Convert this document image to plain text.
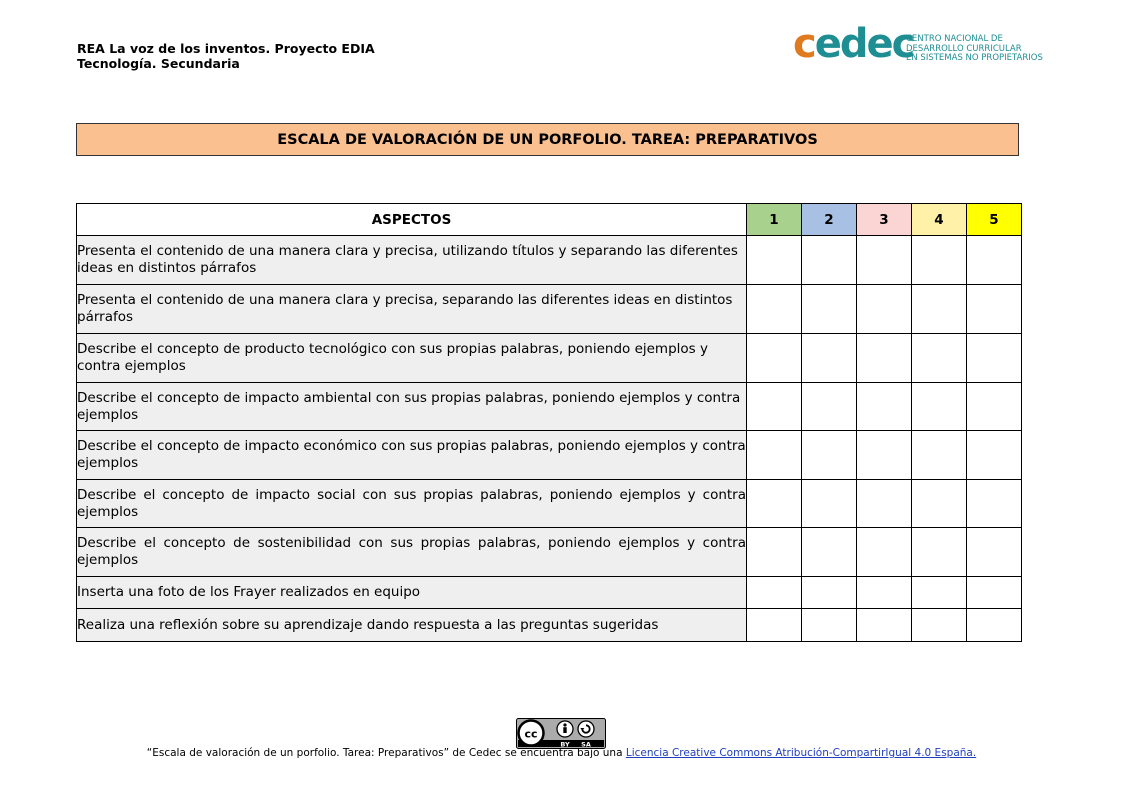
REA La voz de los inventos. Proyecto EDIA
Tecnología. Secundaria	cedec
CENTRO NACIONAL DE
DESARROLLO CURRICULAR
EN SISTEMAS NO PROPIETARIOS
ESCALA DE VALORACIÓN DE UN PORFOLIO. TAREA: PREPARATIVOS
ASPECTOS	1	2	3	4	5
Presenta el contenido de una manera clara y precisa, utilizando títulos y separando las diferentes ideas en distintos párrafos					
Presenta el contenido de una manera clara y precisa, separando las diferentes ideas en distintos párrafos					
Describe el concepto de producto tecnológico con sus propias palabras, poniendo ejemplos y contra ejemplos					
Describe el concepto de impacto ambiental con sus propias palabras, poniendo ejemplos y contra ejemplos					
Describe el concepto de impacto económico con sus propias palabras, poniendo ejemplos y contra ejemplos					
Describe el concepto de impacto social con sus propias palabras, poniendo ejemplos y contra ejemplos					
Describe el concepto de sostenibilidad con sus propias palabras, poniendo ejemplos y contra ejemplos					
Inserta una foto de los Frayer realizados en equipo					
Realiza una reflexión sobre su aprendizaje dando respuesta a las preguntas sugeridas					
cc
BY SA
“Escala de valoración de un porfolio. Tarea: Preparativos” de Cedec se encuentra bajo una Licencia Creative Commons Atribución-CompartirIgual 4.0 España.
